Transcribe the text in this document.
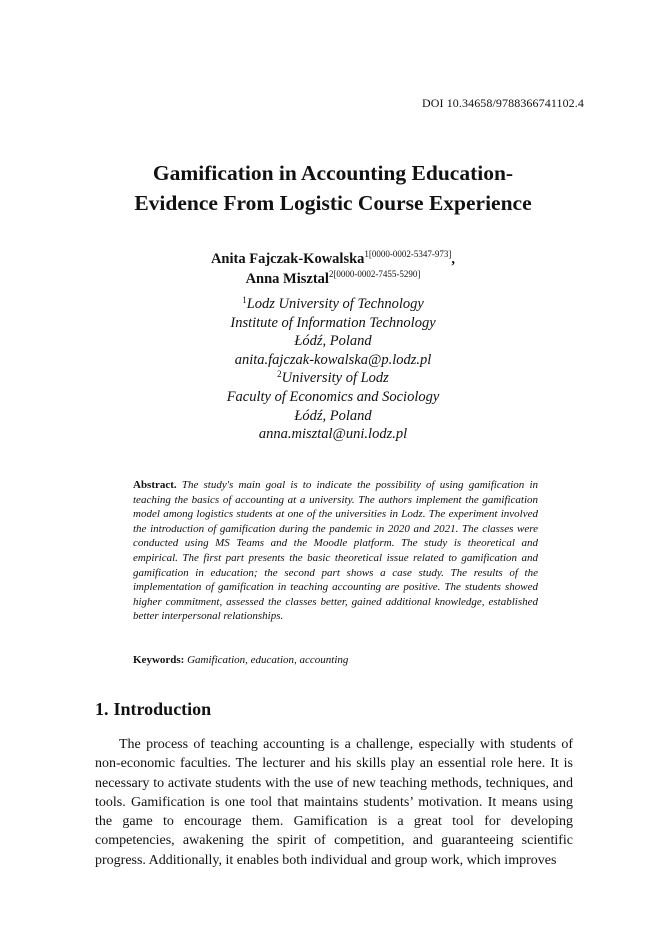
DOI 10.34658/9788366741102.4
Gamification in Accounting Education-
Evidence From Logistic Course Experience
Anita Fajczak-Kowalska$^{1[0000-0002-5347-973]}$,
Anna Misztal$^{2[0000-0002-7455-5290]}$
$^1$Lodz University of Technology
Institute of Information Technology
Łódź, Poland
anita.fajczak-kowalska@p.lodz.pl
$^2$University of Lodz
Faculty of Economics and Sociology
Łódź, Poland
anna.misztal@uni.lodz.pl
Abstract. The study's main goal is to indicate the possibility of using gamification in teaching the basics of accounting at a university. The authors implement the gamification model among logistics students at one of the universities in Lodz. The experiment involved the introduction of gamification during the pandemic in 2020 and 2021. The classes were conducted using MS Teams and the Moodle platform. The study is theoretical and empirical. The first part presents the basic theoretical issue related to gamification and gamification in education; the second part shows a case study. The results of the implementation of gamification in teaching accounting are positive. The students showed higher commitment, assessed the classes better, gained additional knowledge, established better interpersonal relationships.
Keywords: Gamification, education, accounting
1. Introduction
The process of teaching accounting is a challenge, especially with students of non-economic faculties. The lecturer and his skills play an essential role here. It is necessary to activate students with the use of new teaching methods, techniques, and tools. Gamification is one tool that maintains students’ motivation. It means using the game to encourage them. Gamification is a great tool for developing competencies, awakening the spirit of competition, and guaranteeing scientific progress. Additionally, it enables both individual and group work, which improves
